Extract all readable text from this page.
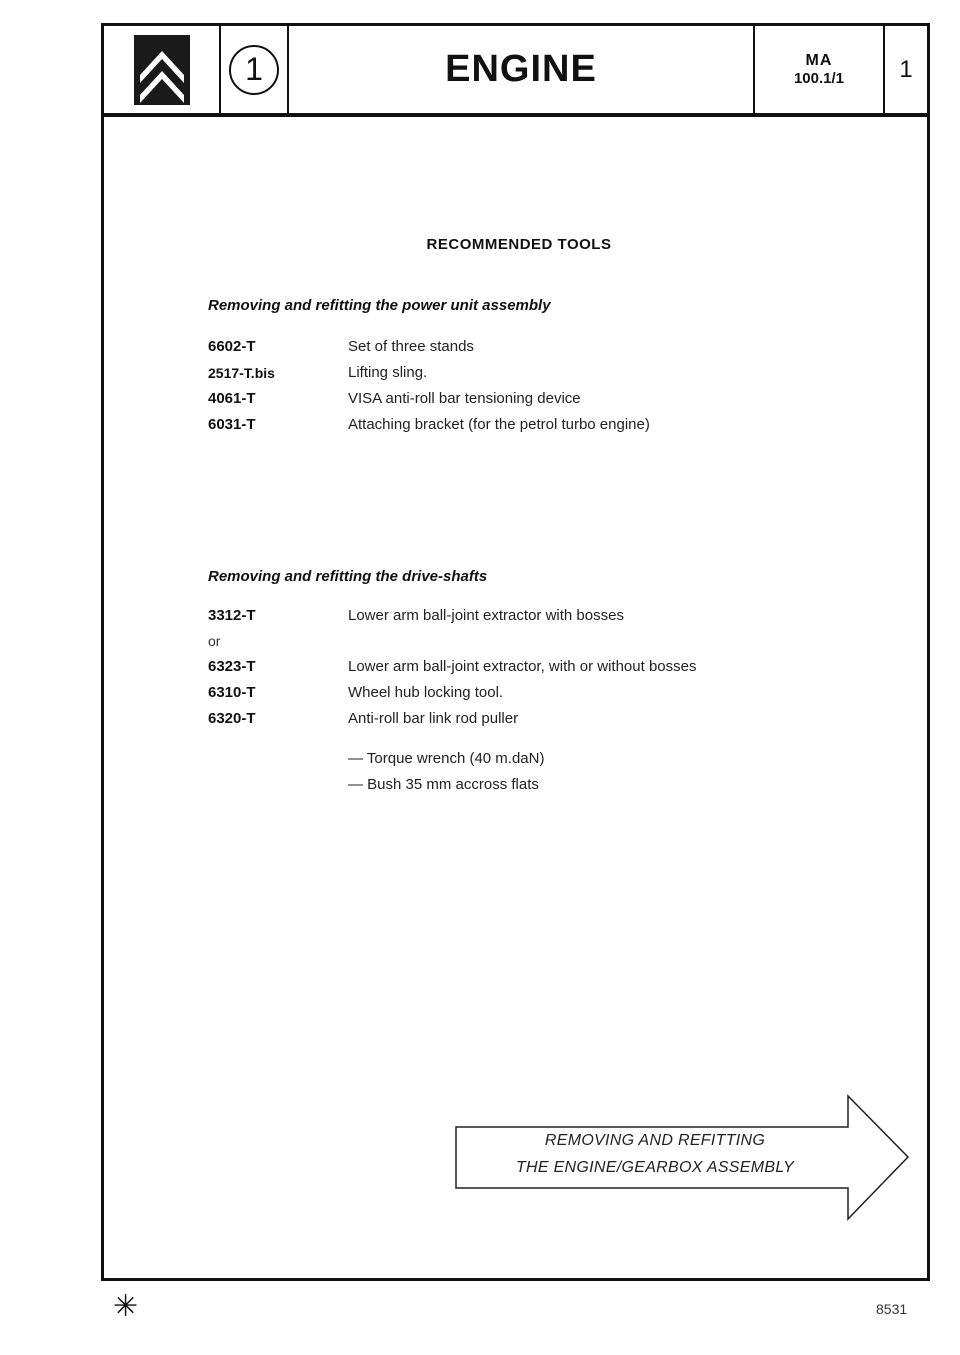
1	ENGINE	MA
100.1/1 1
RECOMMENDED TOOLS
Removing and refitting the power unit assembly
6602-T	Set of three stands
2517-T.bis	Lifting sling.
4061-T	VISA anti-roll bar tensioning device
6031-T	Attaching bracket (for the petrol turbo engine)
Removing and refitting the drive-shafts
3312-T	Lower arm ball-joint extractor with bosses
or
6323-T	Lower arm ball-joint extractor, with or without bosses
6310-T	Wheel hub locking tool.
6320-T	Anti-roll bar link rod puller
— Torque wrench (40 m.daN)
— Bush 35 mm accross flats
REMOVING AND REFITTING
THE ENGINE/GEARBOX ASSEMBLY
✳	8531
